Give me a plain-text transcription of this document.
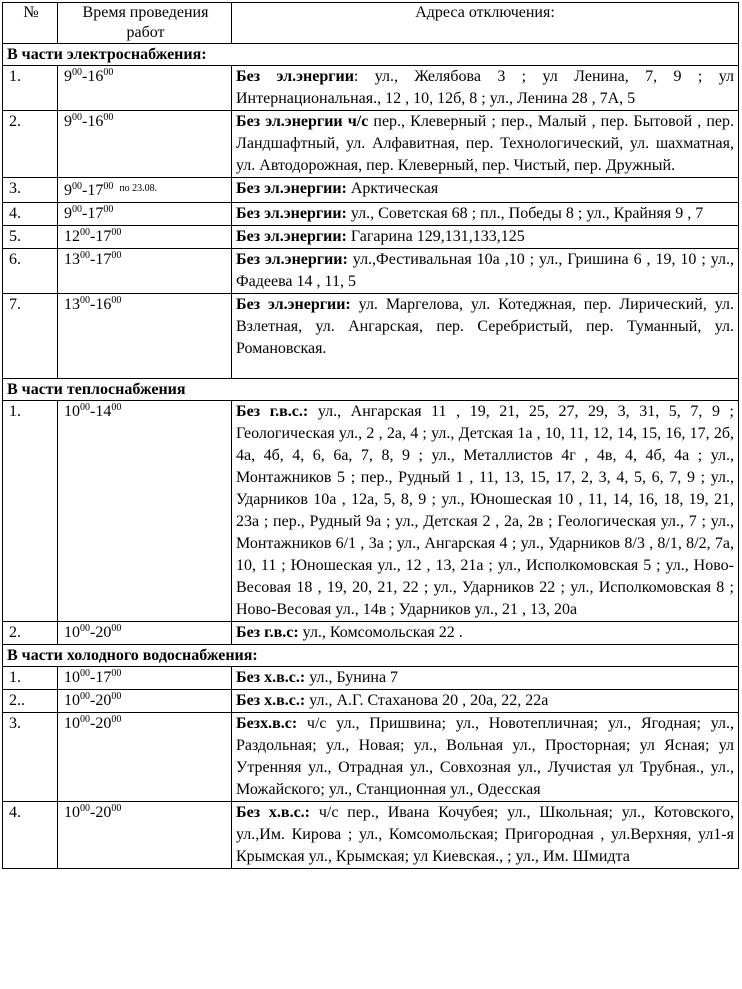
№	Время проведения работ	Адреса отключения:
В части электроснабжения:		
1.	$9^{00}-16^{00}$	Без эл.энергии: ул., Желябова 3 ; ул Ленина, 7, 9 ; ул Интернациональная., 12 , 10, 12б, 8 ; ул., Ленина 28 , 7А, 5
2.	$9^{00}-16^{00}$	Без эл.энергии ч/с пер., Клеверный ; пер., Малый , пер. Бытовой , пер. Ландшафтный, ул. Алфавитная, пер. Технологический, ул. шахматная, ул. Автодорожная, пер. Клеверный, пер. Чистый, пер. Дружный.
3.	$9^{00}-17^{00}$ $^{по 23.08.}$	Без эл.энергии: Арктическая
4.	$9^{00}-17^{00}$	Без эл.энергии: ул., Советская 68 ; пл., Победы 8 ; ул., Крайняя 9 , 7
5.	$12^{00}-17^{00}$	Без эл.энергии: Гагарина 129,131,133,125
6.	$13^{00}-17^{00}$	Без эл.энергии: ул.,Фестивальная 10а ,10 ; ул., Гришина 6 , 19, 10 ; ул., Фадеева 14 , 11, 5
7.	$13^{00}-16^{00}$	Без эл.энергии: ул. Маргелова, ул. Котеджная, пер. Лирический, ул. Взлетная, ул. Ангарская, пер. Серебристый, пер. Туманный, ул. Романовская.
В части теплоснабжения		
1.	$10^{00}-14^{00}$	Без г.в.с.: ул., Ангарская 11 , 19, 21, 25, 27, 29, 3, 31, 5, 7, 9 ; Геологическая ул., 2 , 2а, 4 ; ул., Детская 1а , 10, 11, 12, 14, 15, 16, 17, 2б, 4а, 4б, 4, 6, 6а, 7, 8, 9 ; ул., Металлистов 4г , 4в, 4, 4б, 4а ; ул., Монтажников 5 ; пер., Рудный 1 , 11, 13, 15, 17, 2, 3, 4, 5, 6, 7, 9 ; ул., Ударников 10а , 12а, 5, 8, 9 ; ул., Юношеская 10 , 11, 14, 16, 18, 19, 21, 23а ; пер., Рудный 9а ; ул., Детская 2 , 2а, 2в ; Геологическая ул., 7 ; ул., Монтажников 6/1 , 3а ; ул., Ангарская 4 ; ул., Ударников 8/3 , 8/1, 8/2, 7а, 10, 11 ; Юношеская ул., 12 , 13, 21а ; ул., Исполкомовская 5 ; ул., Ново-Весовая 18 , 19, 20, 21, 22 ; ул., Ударников 22 ; ул., Исполкомовская 8 ; Ново-Весовая ул., 14в ; Ударников ул., 21 , 13, 20а
2.	$10^{00}-20^{00}$	Без г.в.с: ул., Комсомольская 22 .
В части холодного водоснабжения:		
1.	$10^{00}-17^{00}$	Без х.в.с.: ул., Бунина 7
2..	$10^{00}-20^{00}$	Без х.в.с.: ул., А.Г. Стаханова 20 , 20а, 22, 22а
3.	$10^{00}-20^{00}$	Безх.в.с: ч/с ул., Пришвина; ул., Новотепличная; ул., Ягодная; ул., Раздольная; ул., Новая; ул., Вольная ул., Просторная; ул Ясная; ул Утренняя ул., Отрадная ул., Совхозная ул., Лучистая ул Трубная., ул., Можайского; ул., Станционная ул., Одесская
4.	$10^{00}-20^{00}$	Без х.в.с.: ч/с пер., Ивана Кочубея; ул., Школьная; ул., Котовского, ул.,Им. Кирова ; ул., Комсомольская; Пригородная , ул.Верхняя, ул1-я Крымская ул., Крымская; ул Киевская., ; ул., Им. Шмидта
